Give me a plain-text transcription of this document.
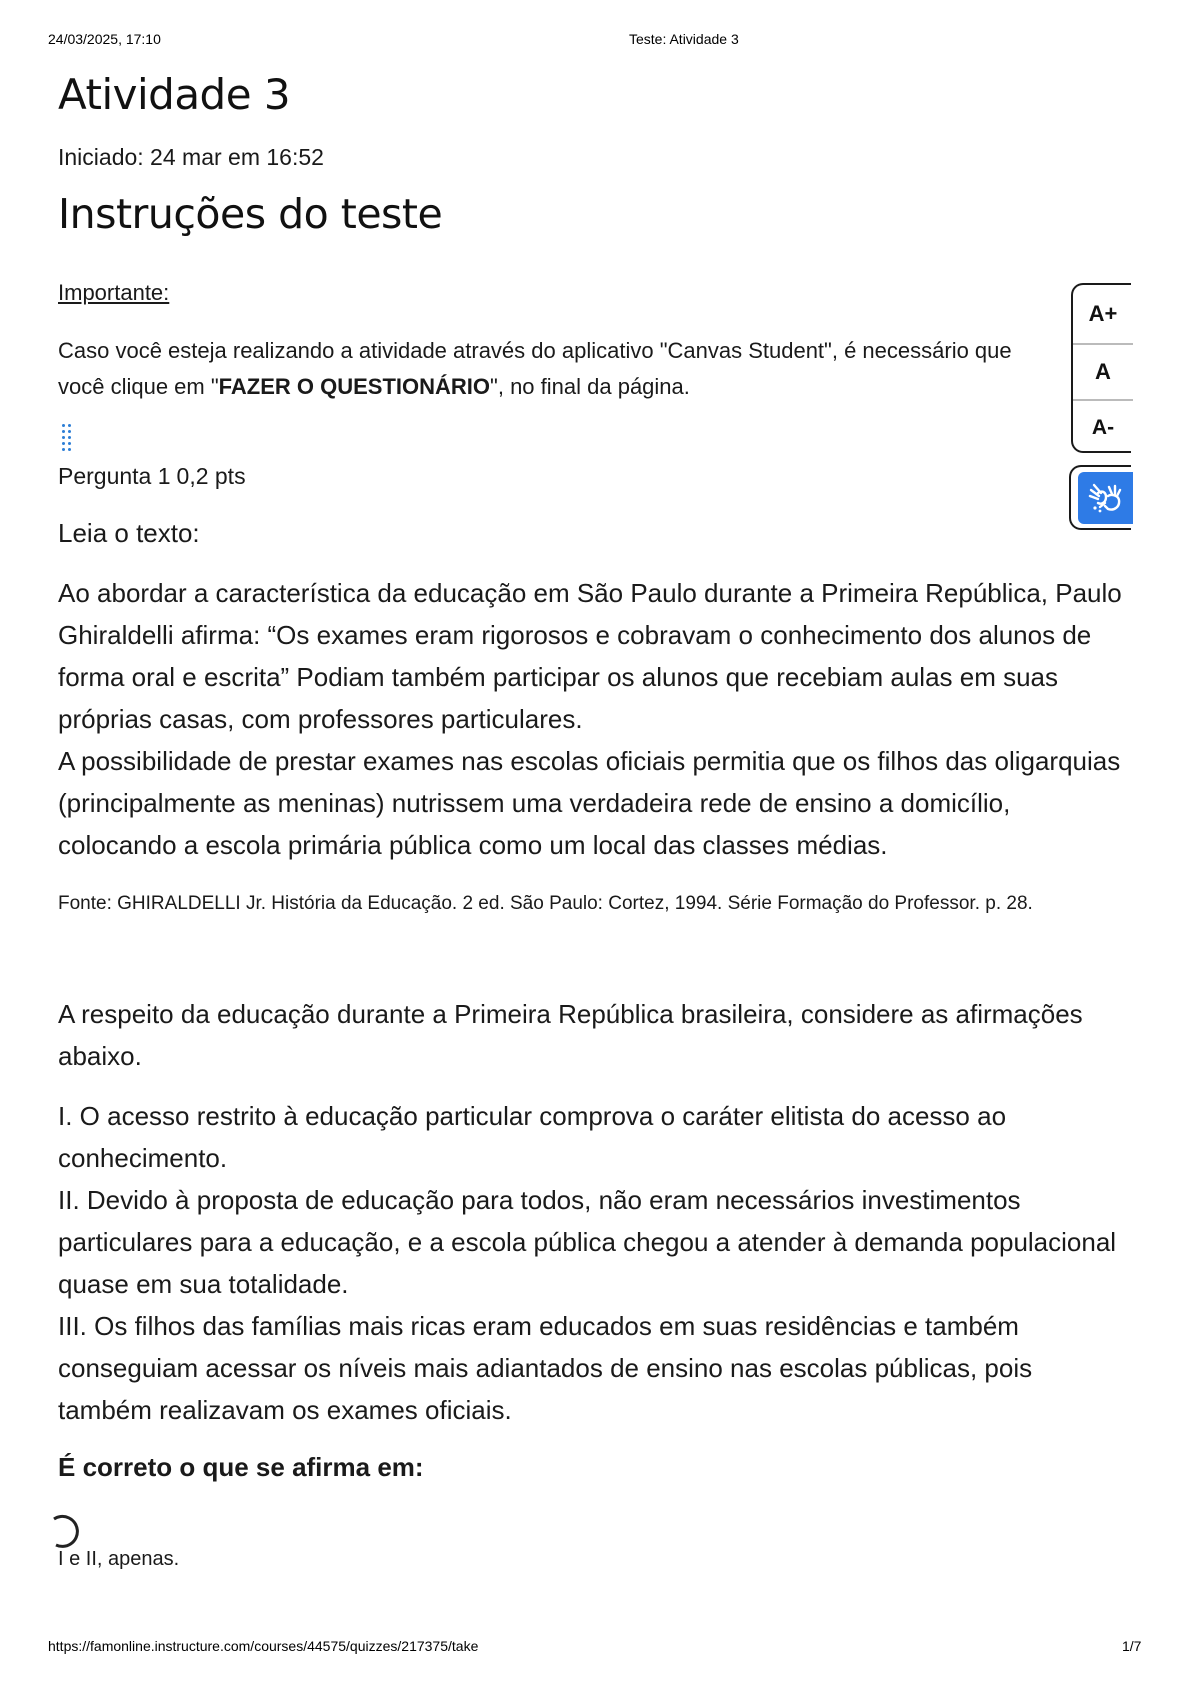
24/03/2025, 17:10	Teste: Atividade 3
Atividade 3
Iniciado: 24 mar em 16:52
Instruções do teste
Importante:
Caso você esteja realizando a atividade através do aplicativo "Canvas Student", é necessário que
você clique em "FAZER O QUESTIONÁRIO", no final da página.
Pergunta 1 0,2 pts
Leia o texto:

Ao abordar a característica da educação em São Paulo durante a Primeira República, Paulo Ghiraldelli afirma: “Os exames eram rigorosos e cobravam o conhecimento dos alunos de forma oral e escrita” Podiam também participar os alunos que recebiam aulas em suas próprias casas, com professores particulares.

A possibilidade de prestar exames nas escolas oficiais permitia que os filhos das oligarquias (principalmente as meninas) nutrissem uma verdadeira rede de ensino a domicílio, colocando a escola primária pública como um local das classes médias.

Fonte: GHIRALDELLI Jr. História da Educação. 2 ed. São Paulo: Cortez, 1994. Série Formação do Professor. p. 28.

A respeito da educação durante a Primeira República brasileira, considere as afirmações abaixo.

I. O acesso restrito à educação particular comprova o caráter elitista do acesso ao conhecimento.

II. Devido à proposta de educação para todos, não eram necessários investimentos particulares para a educação, e a escola pública chegou a atender à demanda populacional quase em sua totalidade.

III. Os filhos das famílias mais ricas eram educados em suas residências e também conseguiam acessar os níveis mais adiantados de ensino nas escolas públicas, pois também realizavam os exames oficiais.

É correto o que se afirma em:
I e II, apenas.
A+
A
A-
https://famonline.instructure.com/courses/44575/quizzes/217375/take	1/7
